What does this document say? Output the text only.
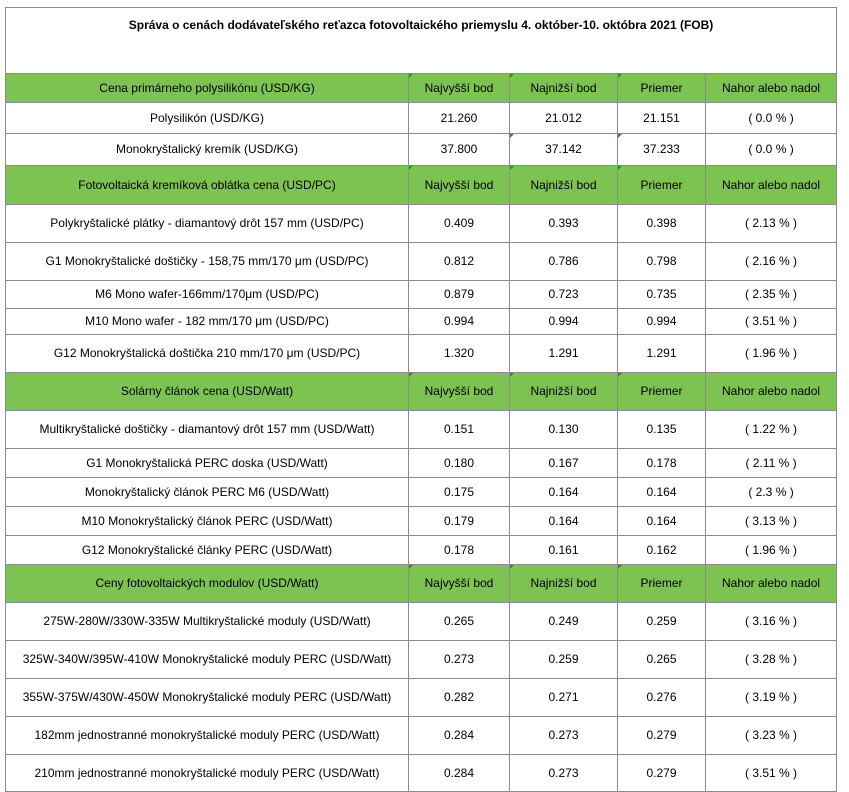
Správa o cenách dodávateľského reťazca fotovoltaického priemyslu 4. október-10. októbra 2021 (FOB)				
Cena primárneho polysilikónu (USD/KG)	Najvyšší bod	Najnižší bod	Priemer	Nahor alebo nadol
Polysilikón (USD/KG)	21.260	21.012	21.151	( 0.0 % )
Monokryštalický kremík (USD/KG)	37.800	37.142	37.233	( 0.0 % )
Fotovoltaická kremíková oblátka cena (USD/PC)	Najvyšší bod	Najnižší bod	Priemer	Nahor alebo nadol
Polykryštalické plátky - diamantový drôt 157 mm (USD/PC)	0.409	0.393	0.398	( 2.13 % )
G1 Monokryštalické doštičky - 158,75 mm/170 μm (USD/PC)	0.812	0.786	0.798	( 2.16 % )
M6 Mono wafer-166mm/170μm (USD/PC)	0.879	0.723	0.735	( 2.35 % )
M10 Mono wafer - 182 mm/170 μm (USD/PC)	0.994	0.994	0.994	( 3.51 % )
G12 Monokryštalická doštička 210 mm/170 μm (USD/PC)	1.320	1.291	1.291	( 1.96 % )
Solárny článok cena (USD/Watt)	Najvyšší bod	Najnižší bod	Priemer	Nahor alebo nadol
Multikryštalické doštičky - diamantový drôt 157 mm (USD/Watt)	0.151	0.130	0.135	( 1.22 % )
G1 Monokryštalická PERC doska (USD/Watt)	0.180	0.167	0.178	( 2.11 % )
Monokryštalický článok PERC M6 (USD/Watt)	0.175	0.164	0.164	( 2.3 % )
M10 Monokryštalický článok PERC (USD/Watt)	0.179	0.164	0.164	( 3.13 % )
G12 Monokryštalické články PERC (USD/Watt)	0.178	0.161	0.162	( 1.96 % )
Ceny fotovoltaických modulov (USD/Watt)	Najvyšší bod	Najnižší bod	Priemer	Nahor alebo nadol
275W-280W/330W-335W Multikryštalické moduly (USD/Watt)	0.265	0.249	0.259	( 3.16 % )
325W-340W/395W-410W Monokryštalické moduly PERC (USD/Watt)	0.273	0.259	0.265	( 3.28 % )
355W-375W/430W-450W Monokryštalické moduly PERC (USD/Watt)	0.282	0.271	0.276	( 3.19 % )
182mm jednostranné monokryštalické moduly PERC (USD/Watt)	0.284	0.273	0.279	( 3.23 % )
210mm jednostranné monokryštalické moduly PERC (USD/Watt)	0.284	0.273	0.279	( 3.51 % )
